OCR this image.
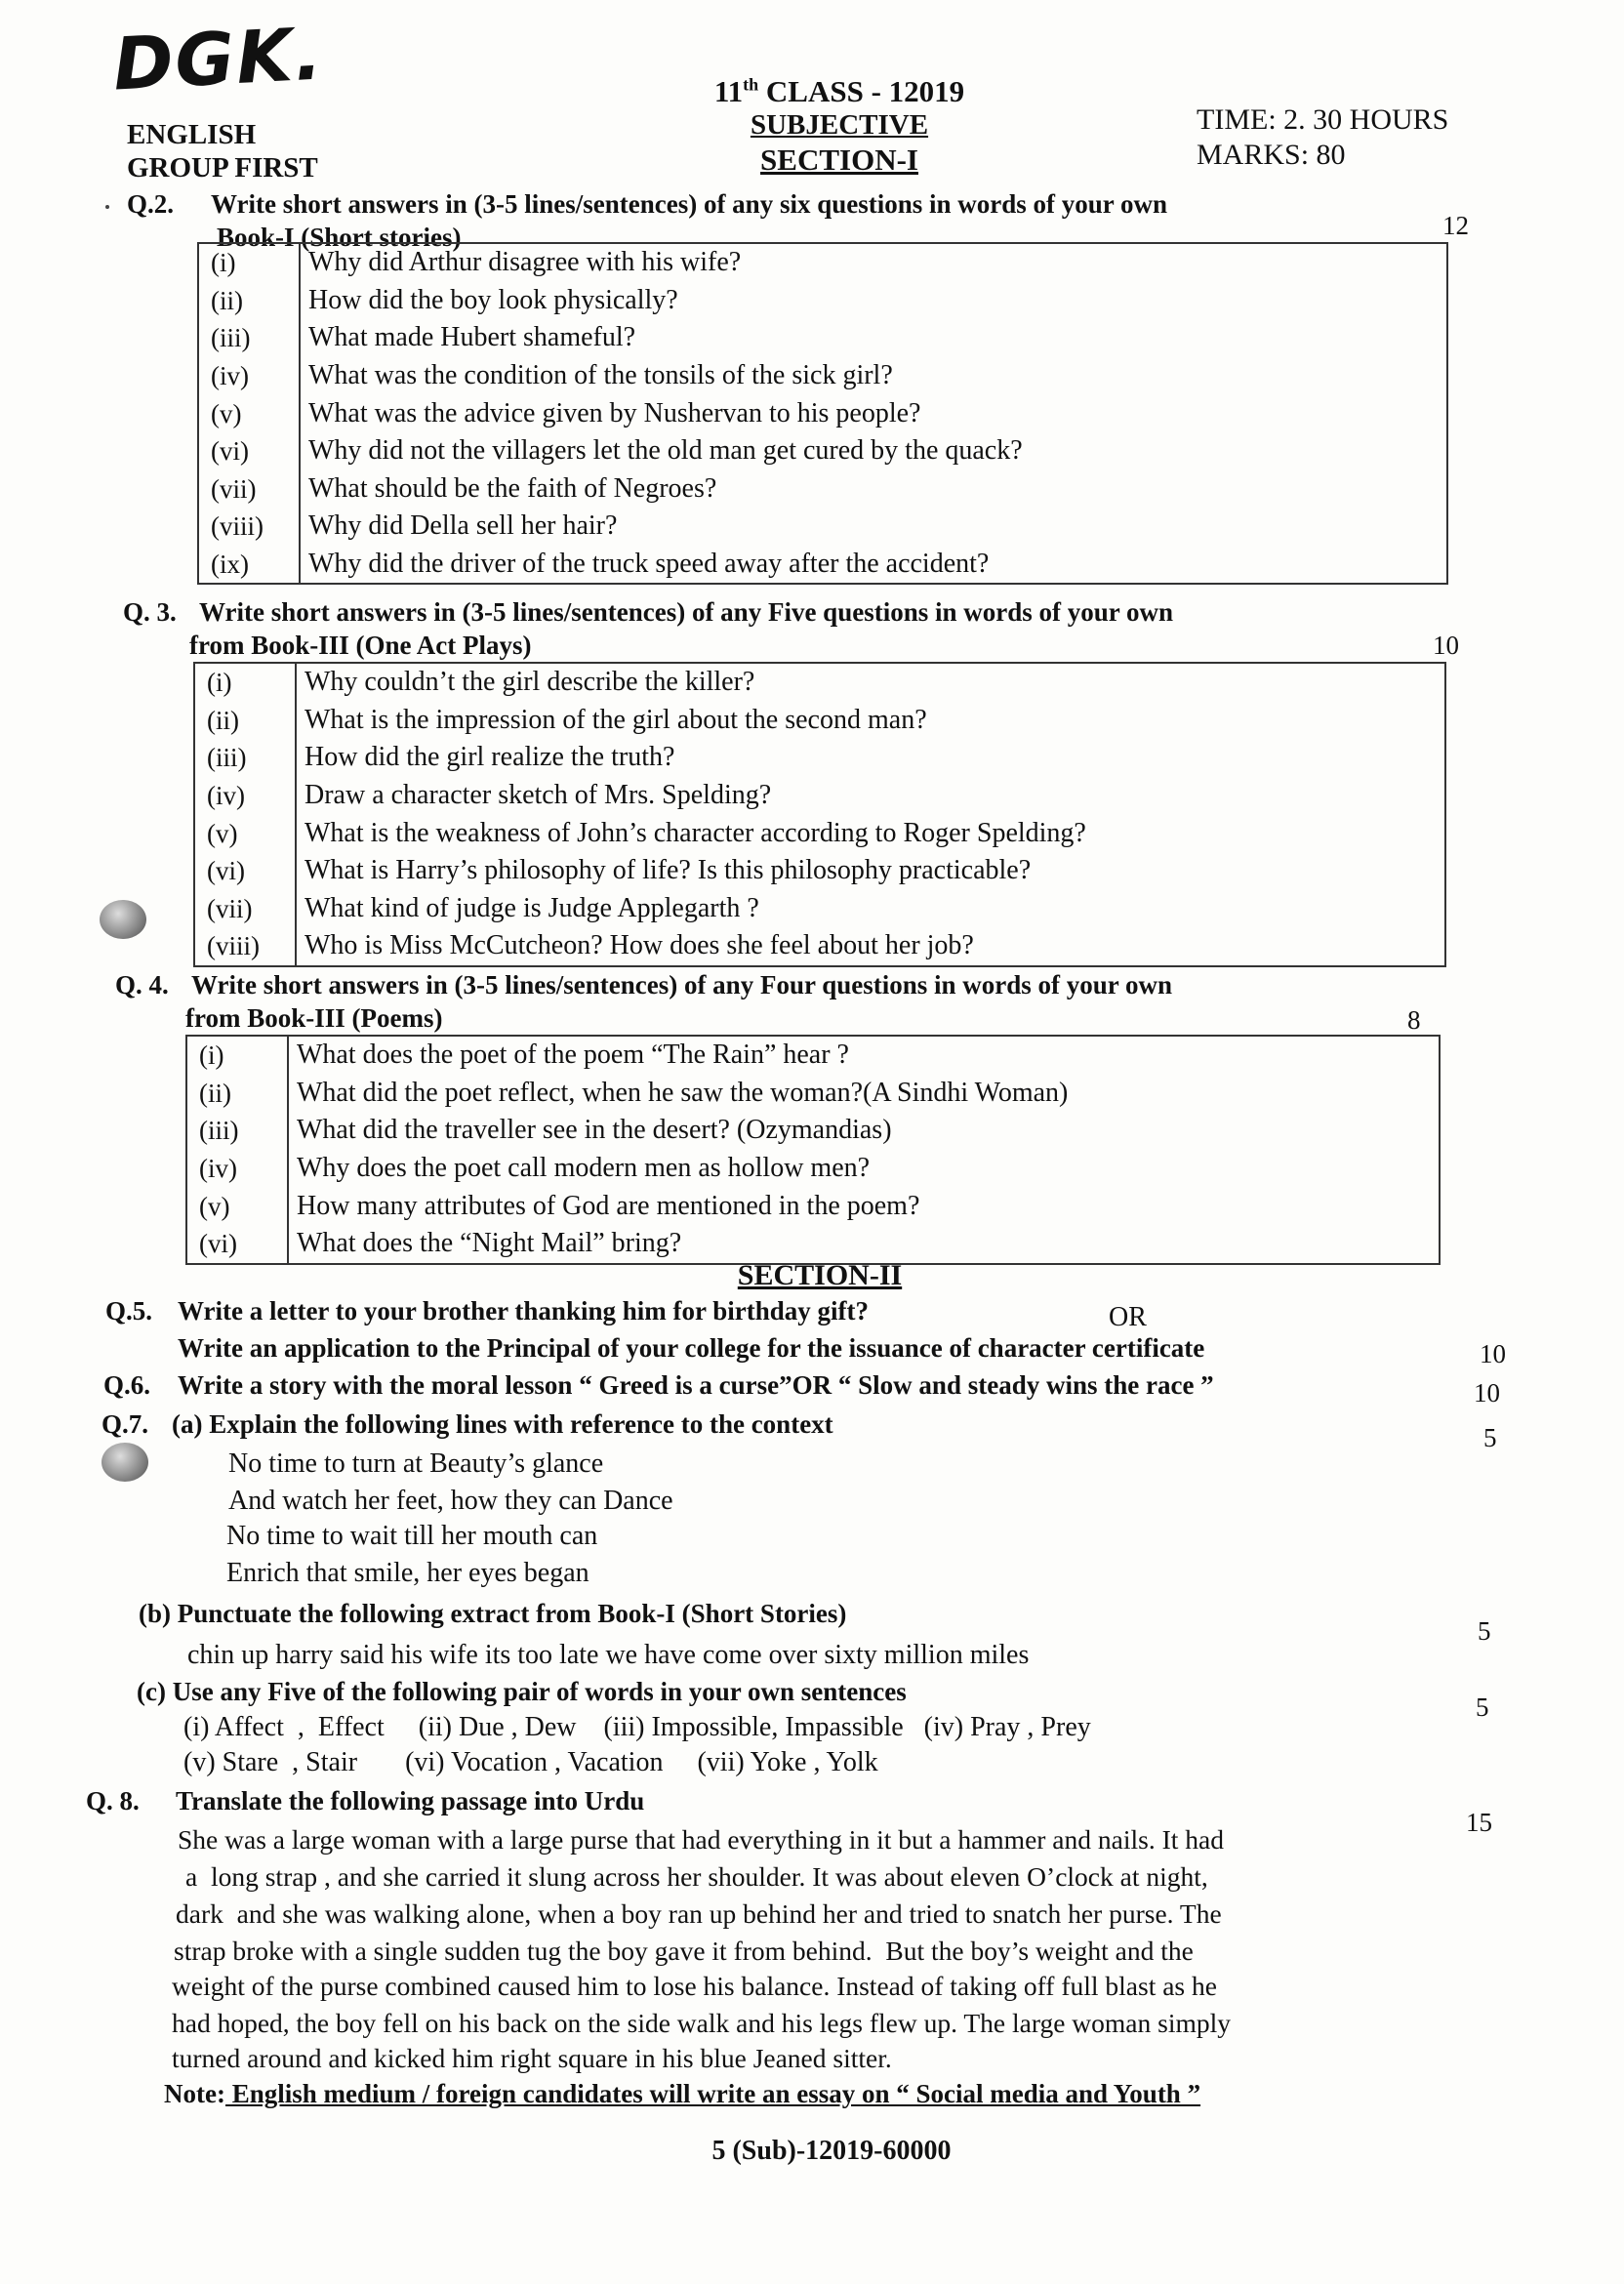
DGK.
ENGLISH
GROUP FIRST
11th CLASS - 12019
SUBJECTIVE
SECTION-I
TIME: 2. 30 HOURS
MARKS: 80
Q.2. Write short answers in (3-5 lines/sentences) of any six questions in words of your own
Book-I (Short stories)	12
(i)	Why did Arthur disagree with his wife?
(ii)	How did the boy look physically?
(iii)	What made Hubert shameful?
(iv)	What was the condition of the tonsils of the sick girl?
(v)	What was the advice given by Nushervan to his people?
(vi)	Why did not the villagers let the old man get cured by the quack?
(vii)	What should be the faith of Negroes?
(viii)	Why did Della sell her hair?
(ix)	Why did the driver of the truck speed away after the accident?
Q. 3. Write short answers in (3-5 lines/sentences) of any Five questions in words of your own
from Book-III (One Act Plays)	10
(i)	Why couldn’t the girl describe the killer?
(ii)	What is the impression of the girl about the second man?
(iii)	How did the girl realize the truth?
(iv)	Draw a character sketch of Mrs. Spelding?
(v)	What is the weakness of John’s character according to Roger Spelding?
(vi)	What is Harry’s philosophy of life? Is this philosophy practicable?
(vii)	What kind of judge is Judge Applegarth ?
(viii)	Who is Miss McCutcheon? How does she feel about her job?
Q. 4. Write short answers in (3-5 lines/sentences) of any Four questions in words of your own
from Book-III (Poems)	8
(i)	What does the poet of the poem “The Rain” hear ?
(ii)	What did the poet reflect, when he saw the woman?(A Sindhi Woman)
(iii)	What did the traveller see in the desert? (Ozymandias)
(iv)	Why does the poet call modern men as hollow men?
(v)	How many attributes of God are mentioned in the poem?
(vi)	What does the “Night Mail” bring?
SECTION-II
Q.5. Write a letter to your brother thanking him for birthday gift?	OR
Write an application to the Principal of your college for the issuance of character certificate	10
Q.6. Write a story with the moral lesson “ Greed is a curse”OR “ Slow and steady wins the race ”	10
Q.7. (a) Explain the following lines with reference to the context	5
No time to turn at Beauty’s glance
And watch her feet, how they can Dance
No time to wait till her mouth can
Enrich that smile, her eyes began
(b) Punctuate the following extract from Book-I (Short Stories)
5
chin up harry said his wife its too late we have come over sixty million miles
(c) Use any Five of the following pair of words in your own sentences
5
(i) Affect  ,  Effect     (ii) Due , Dew    (iii) Impossible, Impassible   (iv) Pray , Prey
(v) Stare  , Stair       (vi) Vocation , Vacation     (vii) Yoke , Yolk
Q. 8. Translate the following passage into Urdu
15
She was a large woman with a large purse that had everything in it but a hammer and nails. It had
a  long strap , and she carried it slung across her shoulder. It was about eleven O’clock at night,
dark  and she was walking alone, when a boy ran up behind her and tried to snatch her purse. The
strap broke with a single sudden tug the boy gave it from behind.  But the boy’s weight and the
weight of the purse combined caused him to lose his balance. Instead of taking off full blast as he
had hoped, the boy fell on his back on the side walk and his legs flew up. The large woman simply
turned around and kicked him right square in his blue Jeaned sitter.
Note: English medium / foreign candidates will write an essay on “ Social media and Youth ”
5 (Sub)-12019-60000
